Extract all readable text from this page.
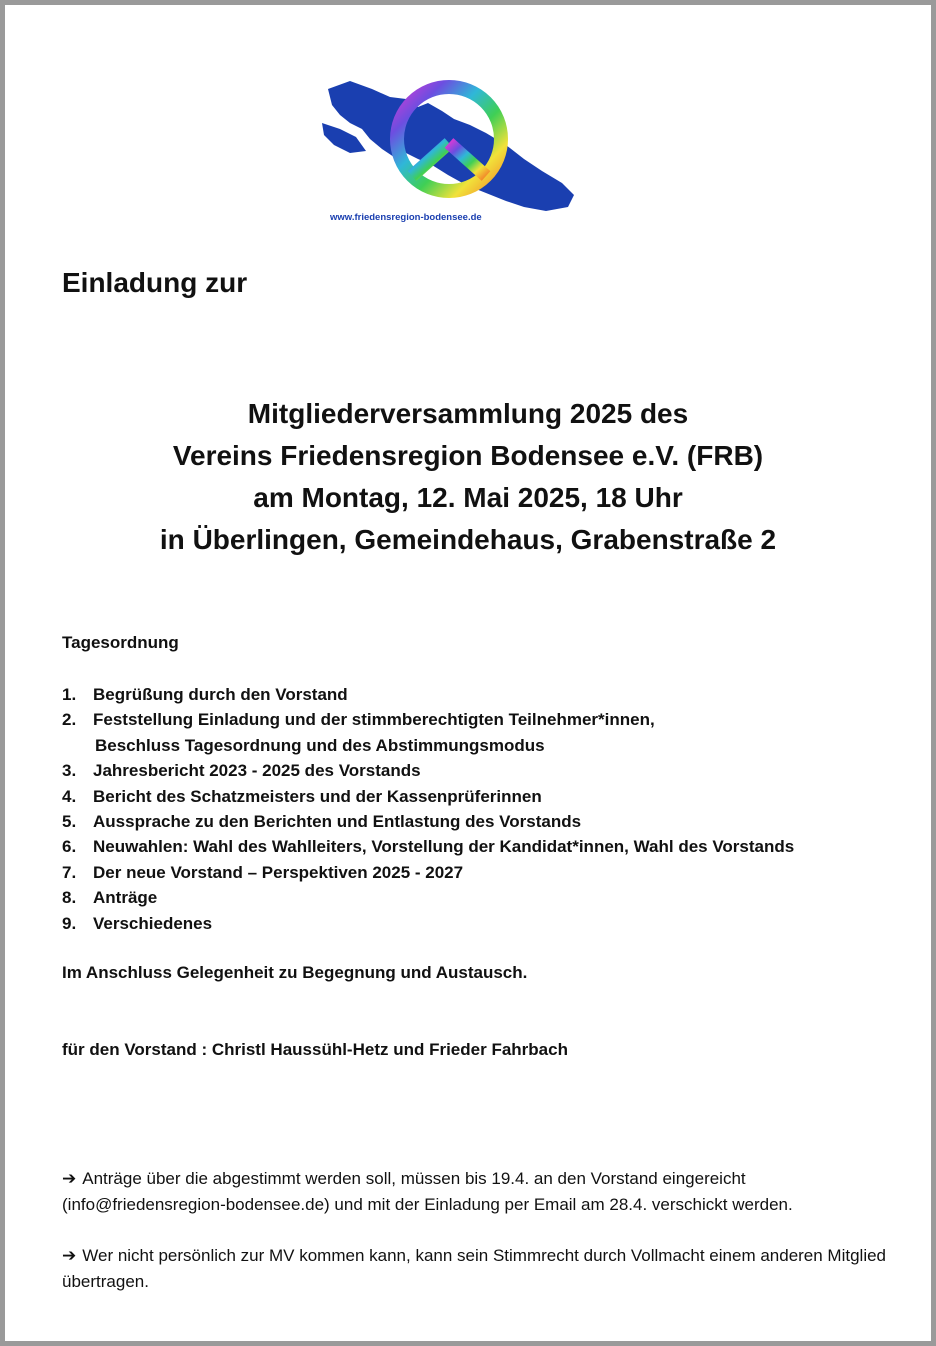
www.friedensregion-bodensee.de
Einladung zur
Mitgliederversammlung 2025 des
Vereins Friedensregion Bodensee e.V. (FRB)
am Montag, 12. Mai 2025, 18 Uhr
in Überlingen, Gemeindehaus, Grabenstraße 2
Tagesordnung
1. Begrüßung durch den Vorstand
2. Feststellung Einladung und der stimmberechtigten Teilnehmer*innen,
Beschluss Tagesordnung und des Abstimmungsmodus
3. Jahresbericht 2023 - 2025 des Vorstands
4. Bericht des Schatzmeisters und der Kassenprüferinnen
5. Aussprache zu den Berichten und Entlastung des Vorstands
6. Neuwahlen: Wahl des Wahlleiters, Vorstellung der Kandidat*innen, Wahl des Vorstands
7. Der neue Vorstand – Perspektiven 2025 - 2027
8. Anträge
9. Verschiedenes
Im Anschluss Gelegenheit zu Begegnung und Austausch.
für den Vorstand : Christl Haussühl-Hetz und Frieder Fahrbach
➔ Anträge über die abgestimmt werden soll, müssen bis 19.4. an den Vorstand eingereicht (info@friedensregion-bodensee.de) und mit der Einladung per Email am 28.4. verschickt werden.
➔ Wer nicht persönlich zur MV kommen kann, kann sein Stimmrecht durch Vollmacht einem anderen Mitglied übertragen.
